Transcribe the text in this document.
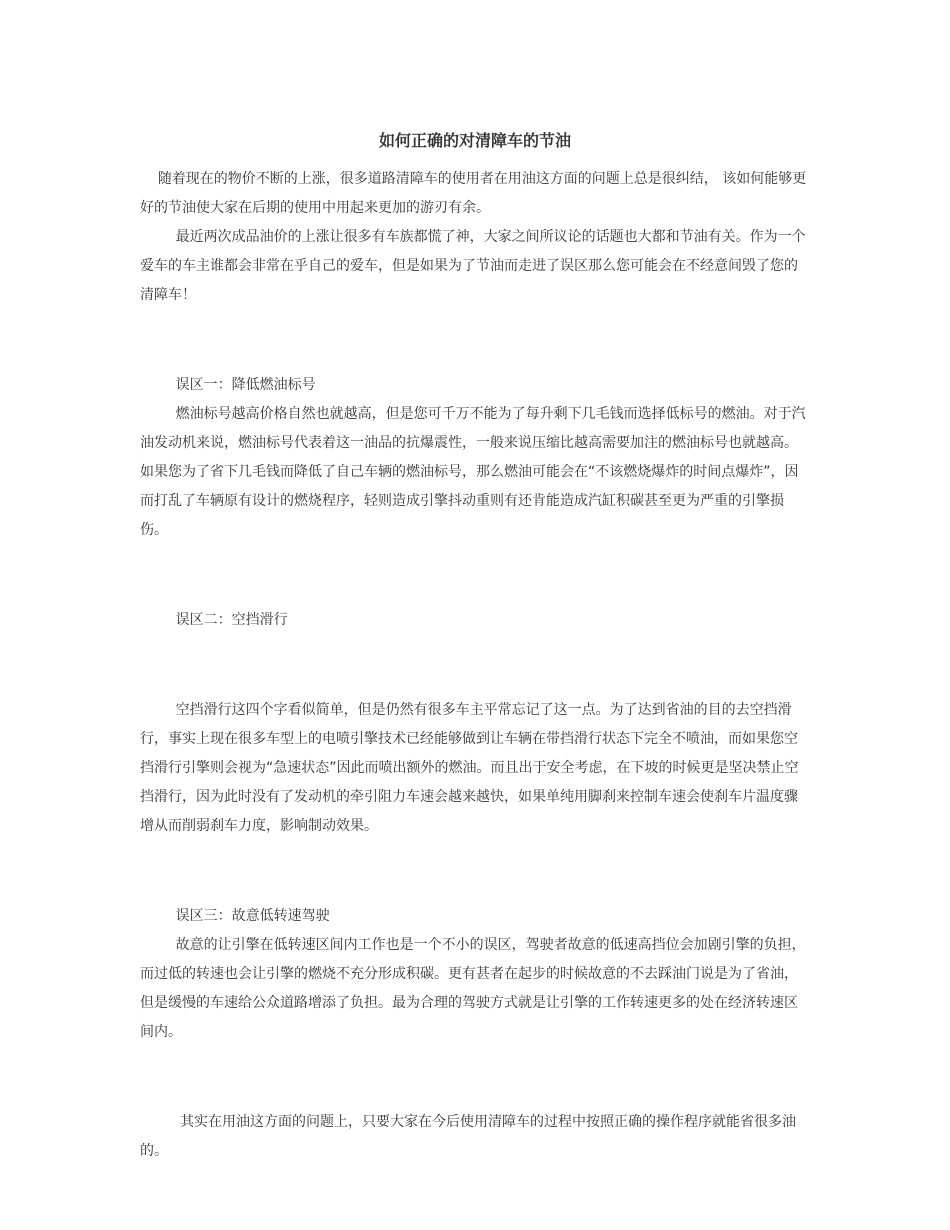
如何正确的对清障车的节油

随着现在的物价不断的上涨，很多道路清障车的使用者在用油这方面的问题上总是很纠结， 该如何能够更好的节油使大家在后期的使用中用起来更加的游刃有余。

最近两次成品油价的上涨让很多有车族都慌了神，大家之间所议论的话题也大都和节油有关。作为一个爱车的车主谁都会非常在乎自己的爱车，但是如果为了节油而走进了误区那么您可能会在不经意间毁了您的清障车！

误区一：降低燃油标号

燃油标号越高价格自然也就越高，但是您可千万不能为了每升剩下几毛钱而选择低标号的燃油。对于汽油发动机来说，燃油标号代表着这一油品的抗爆震性，一般来说压缩比越高需要加注的燃油标号也就越高。如果您为了省下几毛钱而降低了自己车辆的燃油标号，那么燃油可能会在“不该燃烧爆炸的时间点爆炸”，因而打乱了车辆原有设计的燃烧程序，轻则造成引擎抖动重则有还肯能造成汽缸积碳甚至更为严重的引擎损伤。

误区二：空挡滑行

空挡滑行这四个字看似简单，但是仍然有很多车主平常忘记了这一点。为了达到省油的目的去空挡滑行，事实上现在很多车型上的电喷引擎技术已经能够做到让车辆在带挡滑行状态下完全不喷油，而如果您空挡滑行引擎则会视为“急速状态”因此而喷出额外的燃油。而且出于安全考虑，在下坡的时候更是坚决禁止空挡滑行，因为此时没有了发动机的牵引阻力车速会越来越快，如果单纯用脚刹来控制车速会使刹车片温度骤增从而削弱刹车力度，影响制动效果。

误区三：故意低转速驾驶

故意的让引擎在低转速区间内工作也是一个不小的误区，驾驶者故意的低速高挡位会加剧引擎的负担，而过低的转速也会让引擎的燃烧不充分形成积碳。更有甚者在起步的时候故意的不去踩油门说是为了省油，但是缓慢的车速给公众道路增添了负担。最为合理的驾驶方式就是让引擎的工作转速更多的处在经济转速区间内。

其实在用油这方面的问题上，只要大家在今后使用清障车的过程中按照正确的操作程序就能省很多油的。
